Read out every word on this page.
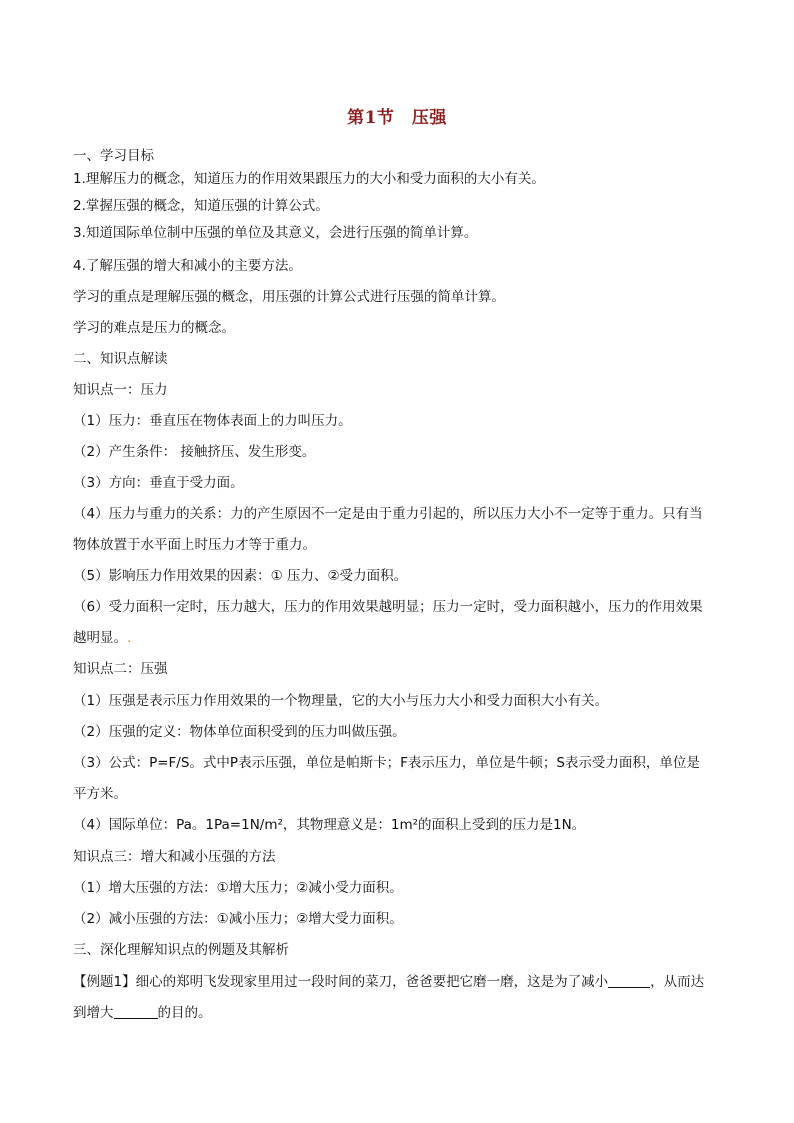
第1节　压强
一、学习目标
1.理解压力的概念，知道压力的作用效果跟压力的大小和受力面积的大小有关。
2.掌握压强的概念，知道压强的计算公式。
3.知道国际单位制中压强的单位及其意义，会进行压强的简单计算。
4.了解压强的增大和减小的主要方法。
学习的重点是理解压强的概念，用压强的计算公式进行压强的简单计算。
学习的难点是压力的概念。
二、知识点解读
知识点一：压力
（1）压力：垂直压在物体表面上的力叫压力。
（2）产生条件： 接触挤压、发生形变。
（3）方向：垂直于受力面。
（4）压力与重力的关系：力的产生原因不一定是由于重力引起的，所以压力大小不一定等于重力。只有当
物体放置于水平面上时压力才等于重力。
（5）影响压力作用效果的因素：① 压力、②受力面积。
（6）受力面积一定时，压力越大，压力的作用效果越明显；压力一定时，受力面积越小，压力的作用效果
越明显。.
知识点二：压强
（1）压强是表示压力作用效果的一个物理量，它的大小与压力大小和受力面积大小有关。
（2）压强的定义：物体单位面积受到的压力叫做压强。
（3）公式：P=F/S。式中P表示压强，单位是帕斯卡；F表示压力，单位是牛顿；S表示受力面积，单位是
平方米。
（4）国际单位：Pa。1Pa=1N/m²，其物理意义是：1m²的面积上受到的压力是1N。
知识点三：增大和减小压强的方法
（1）增大压强的方法：①增大压力；②减小受力面积。
（2）减小压强的方法：①减小压力；②增大受力面积。
三、深化理解知识点的例题及其解析
【例题1】细心的郑明飞发现家里用过一段时间的菜刀，爸爸要把它磨一磨，这是为了减小	，从而达
到增大	的目的。
